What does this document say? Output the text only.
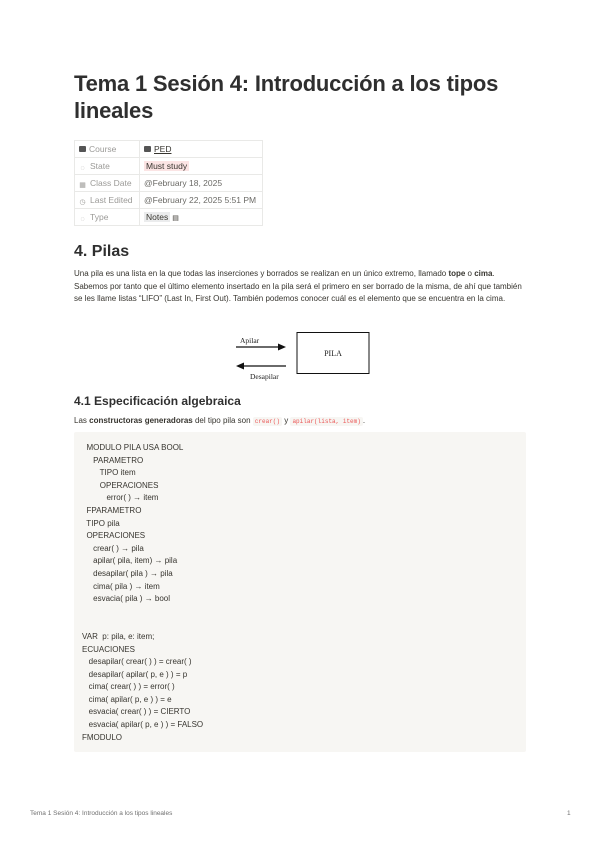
Tema 1 Sesión 4: Introducción a los tipos lineales
Course	PED
◌ State	Must study
▦ Class Date	@February 18, 2025
◷ Last Edited	@February 22, 2025 5:51 PM
◌ Type	Notes ▤
4. Pilas

Una pila es una lista en la que todas las inserciones y borrados se realizan en un único extremo, llamado tope o cima. Sabemos por tanto que el último elemento insertado en la pila será el primero en ser borrado de la misma, de ahí que también se les llame listas “LIFO” (Last In, First Out). También podemos conocer cuál es el elemento que se encuentra en la cima.

Apilar
Desapilar
PILA
4.1 Especificación algebraica

Las constructoras generadoras del tipo pila son crear() y apilar(lista, item) .

MODULO PILA USA BOOL
PARAMETRO
TIPO item
OPERACIONES
error( ) → item
FPARAMETRO
TIPO pila
OPERACIONES
crear( ) → pila
apilar( pila, item) → pila
desapilar( pila ) → pila
cima( pila ) → item
esvacia( pila ) → bool

VAR  p: pila, e: item;
ECUACIONES
desapilar( crear( ) ) = crear( )
desapilar( apilar( p, e ) ) = p
cima( crear( ) ) = error( )
cima( apilar( p, e ) ) = e
esvacia( crear( ) ) = CIERTO
esvacia( apilar( p, e ) ) = FALSO
FMODULO
Tema 1 Sesión 4: Introducción a los tipos lineales	1
